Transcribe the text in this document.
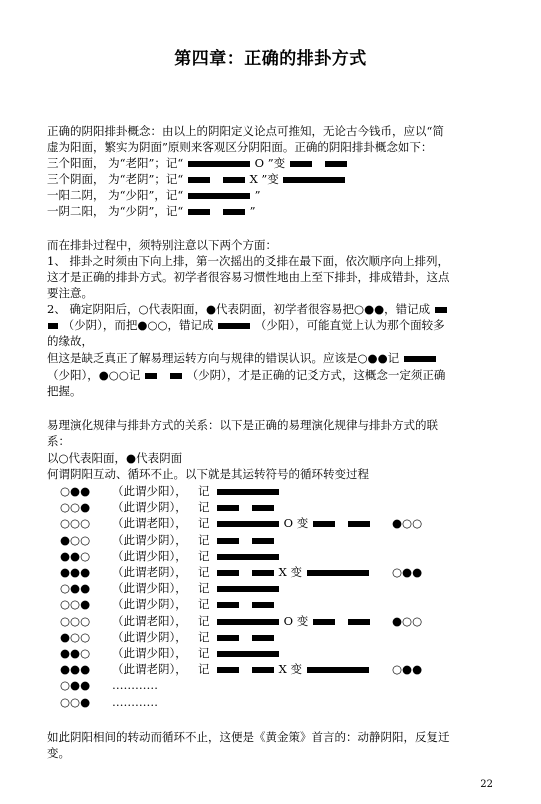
第四章：正确的排卦方式
正确的阴阳排卦概念：由以上的阴阳定义论点可推知，无论古今钱币，应以“简
虚为阳面，繁实为阴面”原则来客观区分阴阳面。正确的阴阳排卦概念如下：
三个阳面， 为“老阳”；记“	O ”变
三个阴面， 为“老阴”；记“	X ”变
一阳二阴， 为“少阳”，记“	”
一阴二阳， 为“少阴”，记“	”
而在排卦过程中，须特别注意以下两个方面：
1、 排卦之时须由下向上排，第一次摇出的爻排在最下面，依次顺序向上排列，
这才是正确的排卦方式。初学者很容易习惯性地由上至下排卦，排成错卦，这点
要注意。
2、 确定阴阳后，○代表阳面，●代表阴面，初学者很容易把○●●，错记成
（少阴），而把●○○，错记成	（少阳），可能直觉上认为那个面较多
的缘故，
但这是缺乏真正了解易理运转方向与规律的错误认识。应该是○●●记
（少阳），●○○记	（少阴），才是正确的记爻方式，这概念一定须正确
把握。
易理演化规律与排卦方式的关系：以下是正确的易理演化规律与排卦方式的联
系：
以○代表阳面，●代表阴面
何谓阴阳互动、循环不止。以下就是其运转符号的循环转变过程
○●● （此谓少阳）， 记
○○● （此谓少阴）， 记
○○○ （此谓老阳）， 记	O 变	●○○
●○○ （此谓少阴）， 记
●●○ （此谓少阳）， 记
●●● （此谓老阴）， 记	X 变	○●●
○●● （此谓少阳）， 记
○○● （此谓少阴）， 记
○○○ （此谓老阳）， 记	O 变	●○○
●○○ （此谓少阴）， 记
●●○ （此谓少阳）， 记
●●● （此谓老阴）， 记	X 变	○●●
○●● …………
○○● …………
如此阴阳相间的转动而循环不止，这便是《黄金策》首言的：动静阴阳，反复迁
变。
22
